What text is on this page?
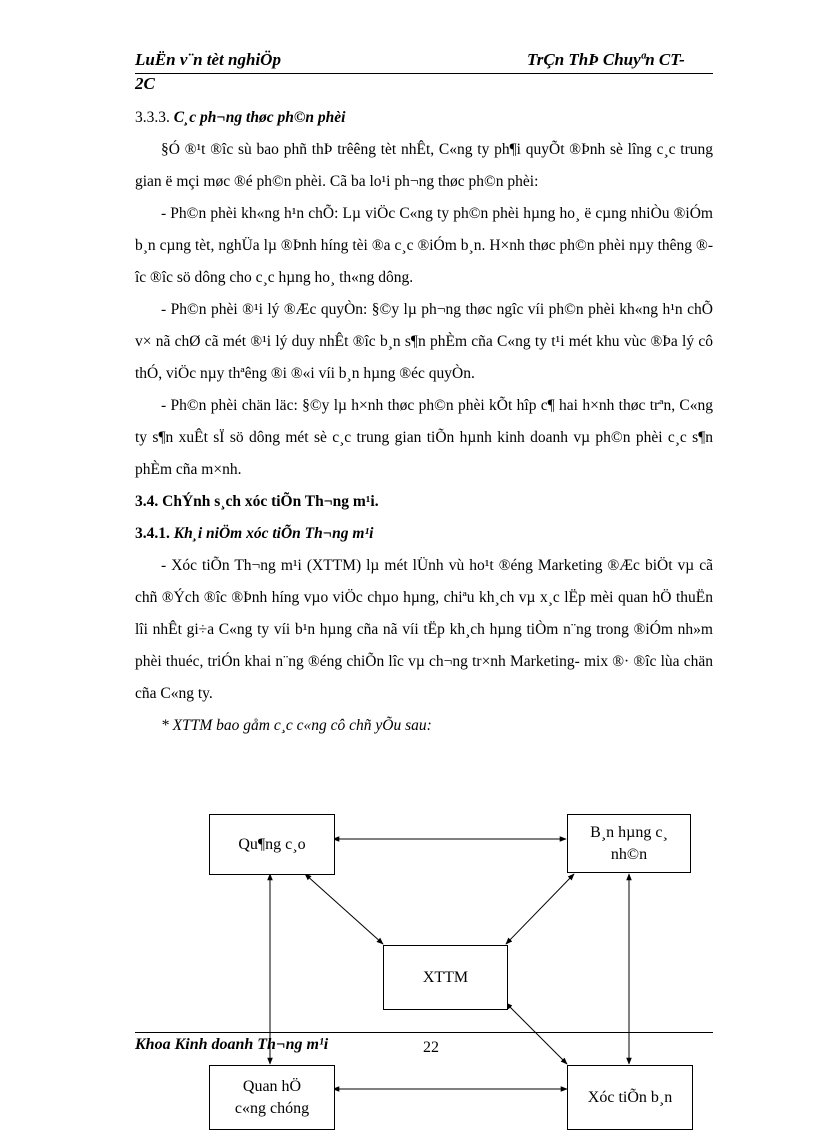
LuËn v¨n tèt nghiÖp	TrÇn ThÞ Chuyªn CT-
2C

3.3.3. C¸c ph¬ng thøc ph©n phèi

§Ó ®¹t ®îc sù bao phñ thÞ trêêng tèt nhÊt, C«ng ty ph¶i quyÕt ®Þnh sè lîng c¸c trung gian ë mçi møc ®é ph©n phèi. Cã ba lo¹i ph¬ng thøc ph©n phèi:

- Ph©n phèi kh«ng h¹n chÕ: Lµ viÖc C«ng ty ph©n phèi hµng ho¸ ë cµng nhiÒu ®iÓm b¸n cµng tèt, nghÜa lµ ®Þnh híng tèi ®a c¸c ®iÓm b¸n. H×nh thøc ph©n phèi nµy thêng ®îc ®îc sö dông cho c¸c hµng ho¸ th«ng dông.

- Ph©n phèi ®¹i lý ®Æc quyÒn: §©y lµ ph¬ng thøc ngîc víi ph©n phèi kh«ng h¹n chÕ v× nã chØ cã mét ®¹i lý duy nhÊt ®îc b¸n s¶n phÈm cña C«ng ty t¹i mét khu vùc ®Þa lý cô thÓ, viÖc nµy thªêng ®i ®«i víi b¸n hµng ®éc quyÒn.

- Ph©n phèi chän läc: §©y lµ h×nh thøc ph©n phèi kÕt hîp c¶ hai h×nh thøc trªn, C«ng ty s¶n xuÊt sÏ sö dông mét sè c¸c trung gian tiÕn hµnh kinh doanh vµ ph©n phèi c¸c s¶n phÈm cña m×nh.

3.4. ChÝnh s¸ch xóc tiÕn Th¬ng m¹i.

3.4.1. Kh¸i niÖm xóc tiÕn Th¬ng m¹i

- Xóc tiÕn Th¬ng m¹i (XTTM) lµ mét lÜnh vù ho¹t ®éng Marketing ®Æc biÖt vµ cã chñ ®Ých ®îc ®Þnh híng vµo viÖc chµo hµng, chiªu kh¸ch vµ x¸c lËp mèi quan hÖ thuËn lîi nhÊt gi÷a C«ng ty víi b¹n hµng cña nã víi tËp kh¸ch hµng tiÒm n¨ng trong ®iÓm nh»m phèi thuéc, triÓn khai n¨ng ®éng chiÕn lîc vµ ch¬ng tr×nh Marketing- mix ®· ®îc lùa chän cña C«ng ty.

* XTTM bao gåm c¸c c«ng cô chñ yÕu sau:

Qu¶ng c¸o
B¸n hµng c¸ nh©n
XTTM
Khoa Kinh doanh Th¬ng m¹i	22
Quan hÖ
c«ng chóng
Xóc tiÕn b¸n
